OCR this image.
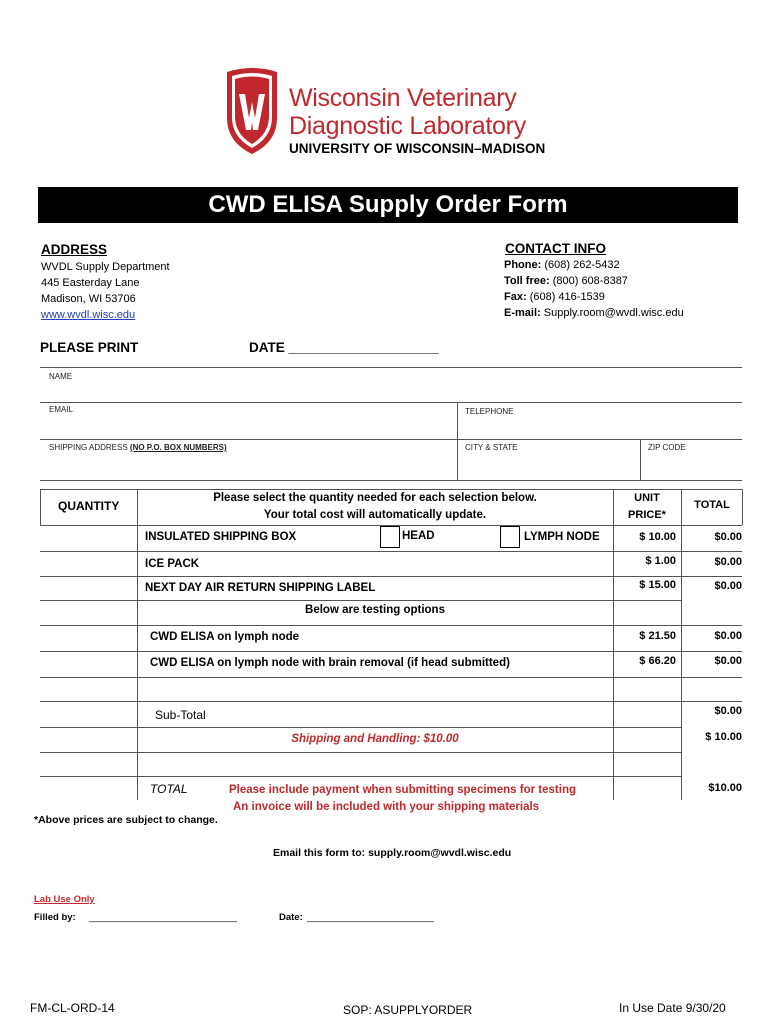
Wisconsin Veterinary
Diagnostic Laboratory
UNIVERSITY OF WISCONSIN–MADISON
CWD ELISA Supply Order Form
ADDRESS
WVDL Supply Department
445 Easterday Lane
Madison, WI 53706
www.wvdl.wisc.edu
CONTACT INFO
Phone: (608) 262-5432
Toll free: (800) 608-8387
Fax: (608) 416-1539
E-mail: Supply.room@wvdl.wisc.edu
PLEASE PRINT	DATE ____________________
NAME
EMAIL	TELEPHONE
SHIPPING ADDRESS (NO P.O. BOX NUMBERS)	CITY & STATE	ZIP CODE
QUANTITY
Please select the quantity needed for each selection below.
Your total cost will automatically update.
UNIT
PRICE*
TOTAL
INSULATED SHIPPING BOX	HEAD	LYMPH NODE	$ 10.00	$0.00
ICE PACK	$ 1.00	$0.00
NEXT DAY AIR RETURN SHIPPING LABEL	$ 15.00	$0.00
Below are testing options
CWD ELISA on lymph node	$ 21.50	$0.00
CWD ELISA on lymph node with brain removal (if head submitted)	$ 66.20	$0.00
Sub-Total	$0.00
Shipping and Handling: $10.00	$ 10.00
TOTAL	$10.00
Please include payment when submitting specimens for testing
An invoice will be included with your shipping materials
*Above prices are subject to change.
Email this form to: supply.room@wvdl.wisc.edu
Lab Use Only
Filled by: ____________________________	Date: ________________________
FM-CL-ORD-14	SOP: ASUPPLYORDER	In Use Date 9/30/20
